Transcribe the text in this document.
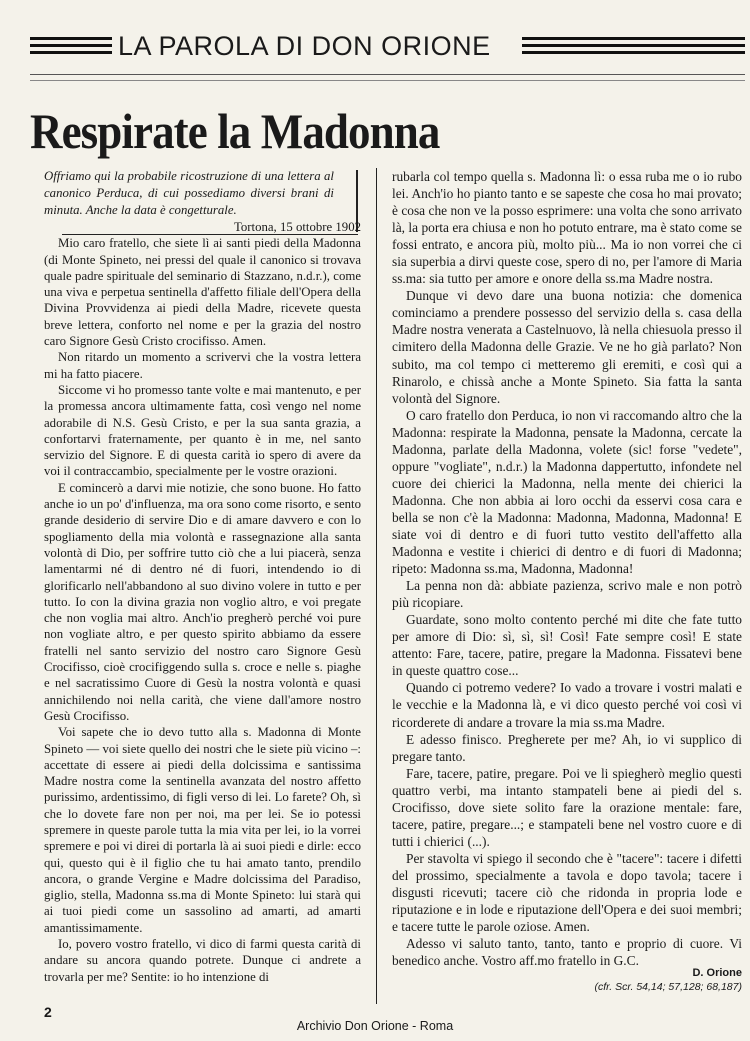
LA PAROLA DI DON ORIONE
Respirate la Madonna

Offriamo qui la probabile ricostruzione di una lettera al canonico Perduca, di cui possediamo diversi brani di minuta. Anche la data è congetturale.

Tortona, 15 ottobre 1902

Mio caro fratello, che siete lì ai santi piedi della Madonna (di Monte Spineto, nei pressi del quale il canonico si trovava quale padre spirituale del seminario di Stazzano, n.d.r.), come una viva e perpetua sentinella d'affetto filiale dell'Opera della Divina Provvidenza ai piedi della Madre, ricevete questa breve lettera, conforto nel nome e per la grazia del nostro caro Signore Gesù Cristo crocifisso. Amen.

Non ritardo un momento a scrivervi che la vostra lettera mi ha fatto piacere.

Siccome vi ho promesso tante volte e mai mantenuto, e per la promessa ancora ultimamente fatta, così vengo nel nome adorabile di N.S. Gesù Cristo, e per la sua santa grazia, a confortarvi fraternamente, per quanto è in me, nel santo servizio del Signore. E di questa carità io spero di avere da voi il contraccambio, specialmente per le vostre orazioni.

E comincerò a darvi mie notizie, che sono buone. Ho fatto anche io un po' d'influenza, ma ora sono come risorto, e sento grande desiderio di servire Dio e di amare davvero e con lo spogliamento della mia volontà e rassegnazione alla santa volontà di Dio, per soffrire tutto ciò che a lui piacerà, senza lamentarmi né di dentro né di fuori, intendendo io di glorificarlo nell'abbandono al suo divino volere in tutto e per tutto. Io con la divina grazia non voglio altro, e voi pregate che non voglia mai altro. Anch'io pregherò perché voi pure non vogliate altro, e per questo spirito abbiamo da essere fratelli nel santo servizio del nostro caro Signore Gesù Crocifisso, cioè crocifiggendo sulla s. croce e nelle s. piaghe e nel sacratissimo Cuore di Gesù la nostra volontà e quasi annichilendo noi nella carità, che viene dall'amore nostro Gesù Crocifisso.

Voi sapete che io devo tutto alla s. Madonna di Monte Spineto — voi siete quello dei nostri che le siete più vicino –: accettate di essere ai piedi della dolcissima e santissima Madre nostra come la sentinella avanzata del nostro affetto purissimo, ardentissimo, di figli verso di lei. Lo farete? Oh, sì che lo dovete fare non per noi, ma per lei. Se io potessi spremere in queste parole tutta la mia vita per lei, io la vorrei spremere e poi vi direi di portarla là ai suoi piedi e dirle: ecco qui, questo qui è il figlio che tu hai amato tanto, prendilo ancora, o grande Vergine e Madre dolcissima del Paradiso, giglio, stella, Madonna ss.ma di Monte Spineto: lui starà qui ai tuoi piedi come un sassolino ad amarti, ad amarti amantissimamente.

Io, povero vostro fratello, vi dico di farmi questa carità di andare su ancora quando potrete. Dunque ci andrete a trovarla per me? Sentite: io ho intenzione di

rubarla col tempo quella s. Madonna lì: o essa ruba me o io rubo lei. Anch'io ho pianto tanto e se sapeste che cosa ho mai provato; è cosa che non ve la posso esprimere: una volta che sono arrivato là, la porta era chiusa e non ho potuto entrare, ma è stato come se fossi entrato, e ancora più, molto più... Ma io non vorrei che ci sia superbia a dirvi queste cose, spero di no, per l'amore di Maria ss.ma: sia tutto per amore e onore della ss.ma Madre nostra.

Dunque vi devo dare una buona notizia: che domenica cominciamo a prendere possesso del servizio della s. casa della Madre nostra venerata a Castelnuovo, là nella chiesuola presso il cimitero della Madonna delle Grazie. Ve ne ho già parlato? Non subito, ma col tempo ci metteremo gli eremiti, e così qui a Rinarolo, e chissà anche a Monte Spineto. Sia fatta la santa volontà del Signore.

O caro fratello don Perduca, io non vi raccomando altro che la Madonna: respirate la Madonna, pensate la Madonna, cercate la Madonna, parlate della Madonna, volete (sic! forse "vedete", oppure "vogliate", n.d.r.) la Madonna dappertutto, infondete nel cuore dei chierici la Madonna, nella mente dei chierici la Madonna. Che non abbia ai loro occhi da esservi cosa cara e bella se non c'è la Madonna: Madonna, Madonna, Madonna! E siate voi di dentro e di fuori tutto vestito dell'affetto alla Madonna e vestite i chierici di dentro e di fuori di Madonna; ripeto: Madonna ss.ma, Madonna, Madonna!

La penna non dà: abbiate pazienza, scrivo male e non potrò più ricopiare.

Guardate, sono molto contento perché mi dite che fate tutto per amore di Dio: sì, sì, sì! Così! Fate sempre così! E state attento: Fare, tacere, patire, pregare la Madonna. Fissatevi bene in queste quattro cose...

Quando ci potremo vedere? Io vado a trovare i vostri malati e le vecchie e la Madonna là, e vi dico questo perché voi così vi ricorderete di andare a trovare la mia ss.ma Madre.

E adesso finisco. Pregherete per me? Ah, io vi supplico di pregare tanto.

Fare, tacere, patire, pregare. Poi ve li spiegherò meglio questi quattro verbi, ma intanto stampateli bene ai piedi del s. Crocifisso, dove siete solito fare la orazione mentale: fare, tacere, patire, pregare...; e stampateli bene nel vostro cuore e di tutti i chierici (...).

Per stavolta vi spiego il secondo che è "tacere": tacere i difetti del prossimo, specialmente a tavola e dopo tavola; tacere i disgusti ricevuti; tacere ciò che ridonda in propria lode e riputazione e in lode e riputazione dell'Opera e dei suoi membri; e tacere tutte le parole oziose. Amen.

Adesso vi saluto tanto, tanto, tanto e proprio di cuore. Vi benedico anche. Vostro aff.mo fratello in G.C.

D. Orione
(cfr. Scr. 54,14; 57,128; 68,187)
2
Archivio Don Orione - Roma
